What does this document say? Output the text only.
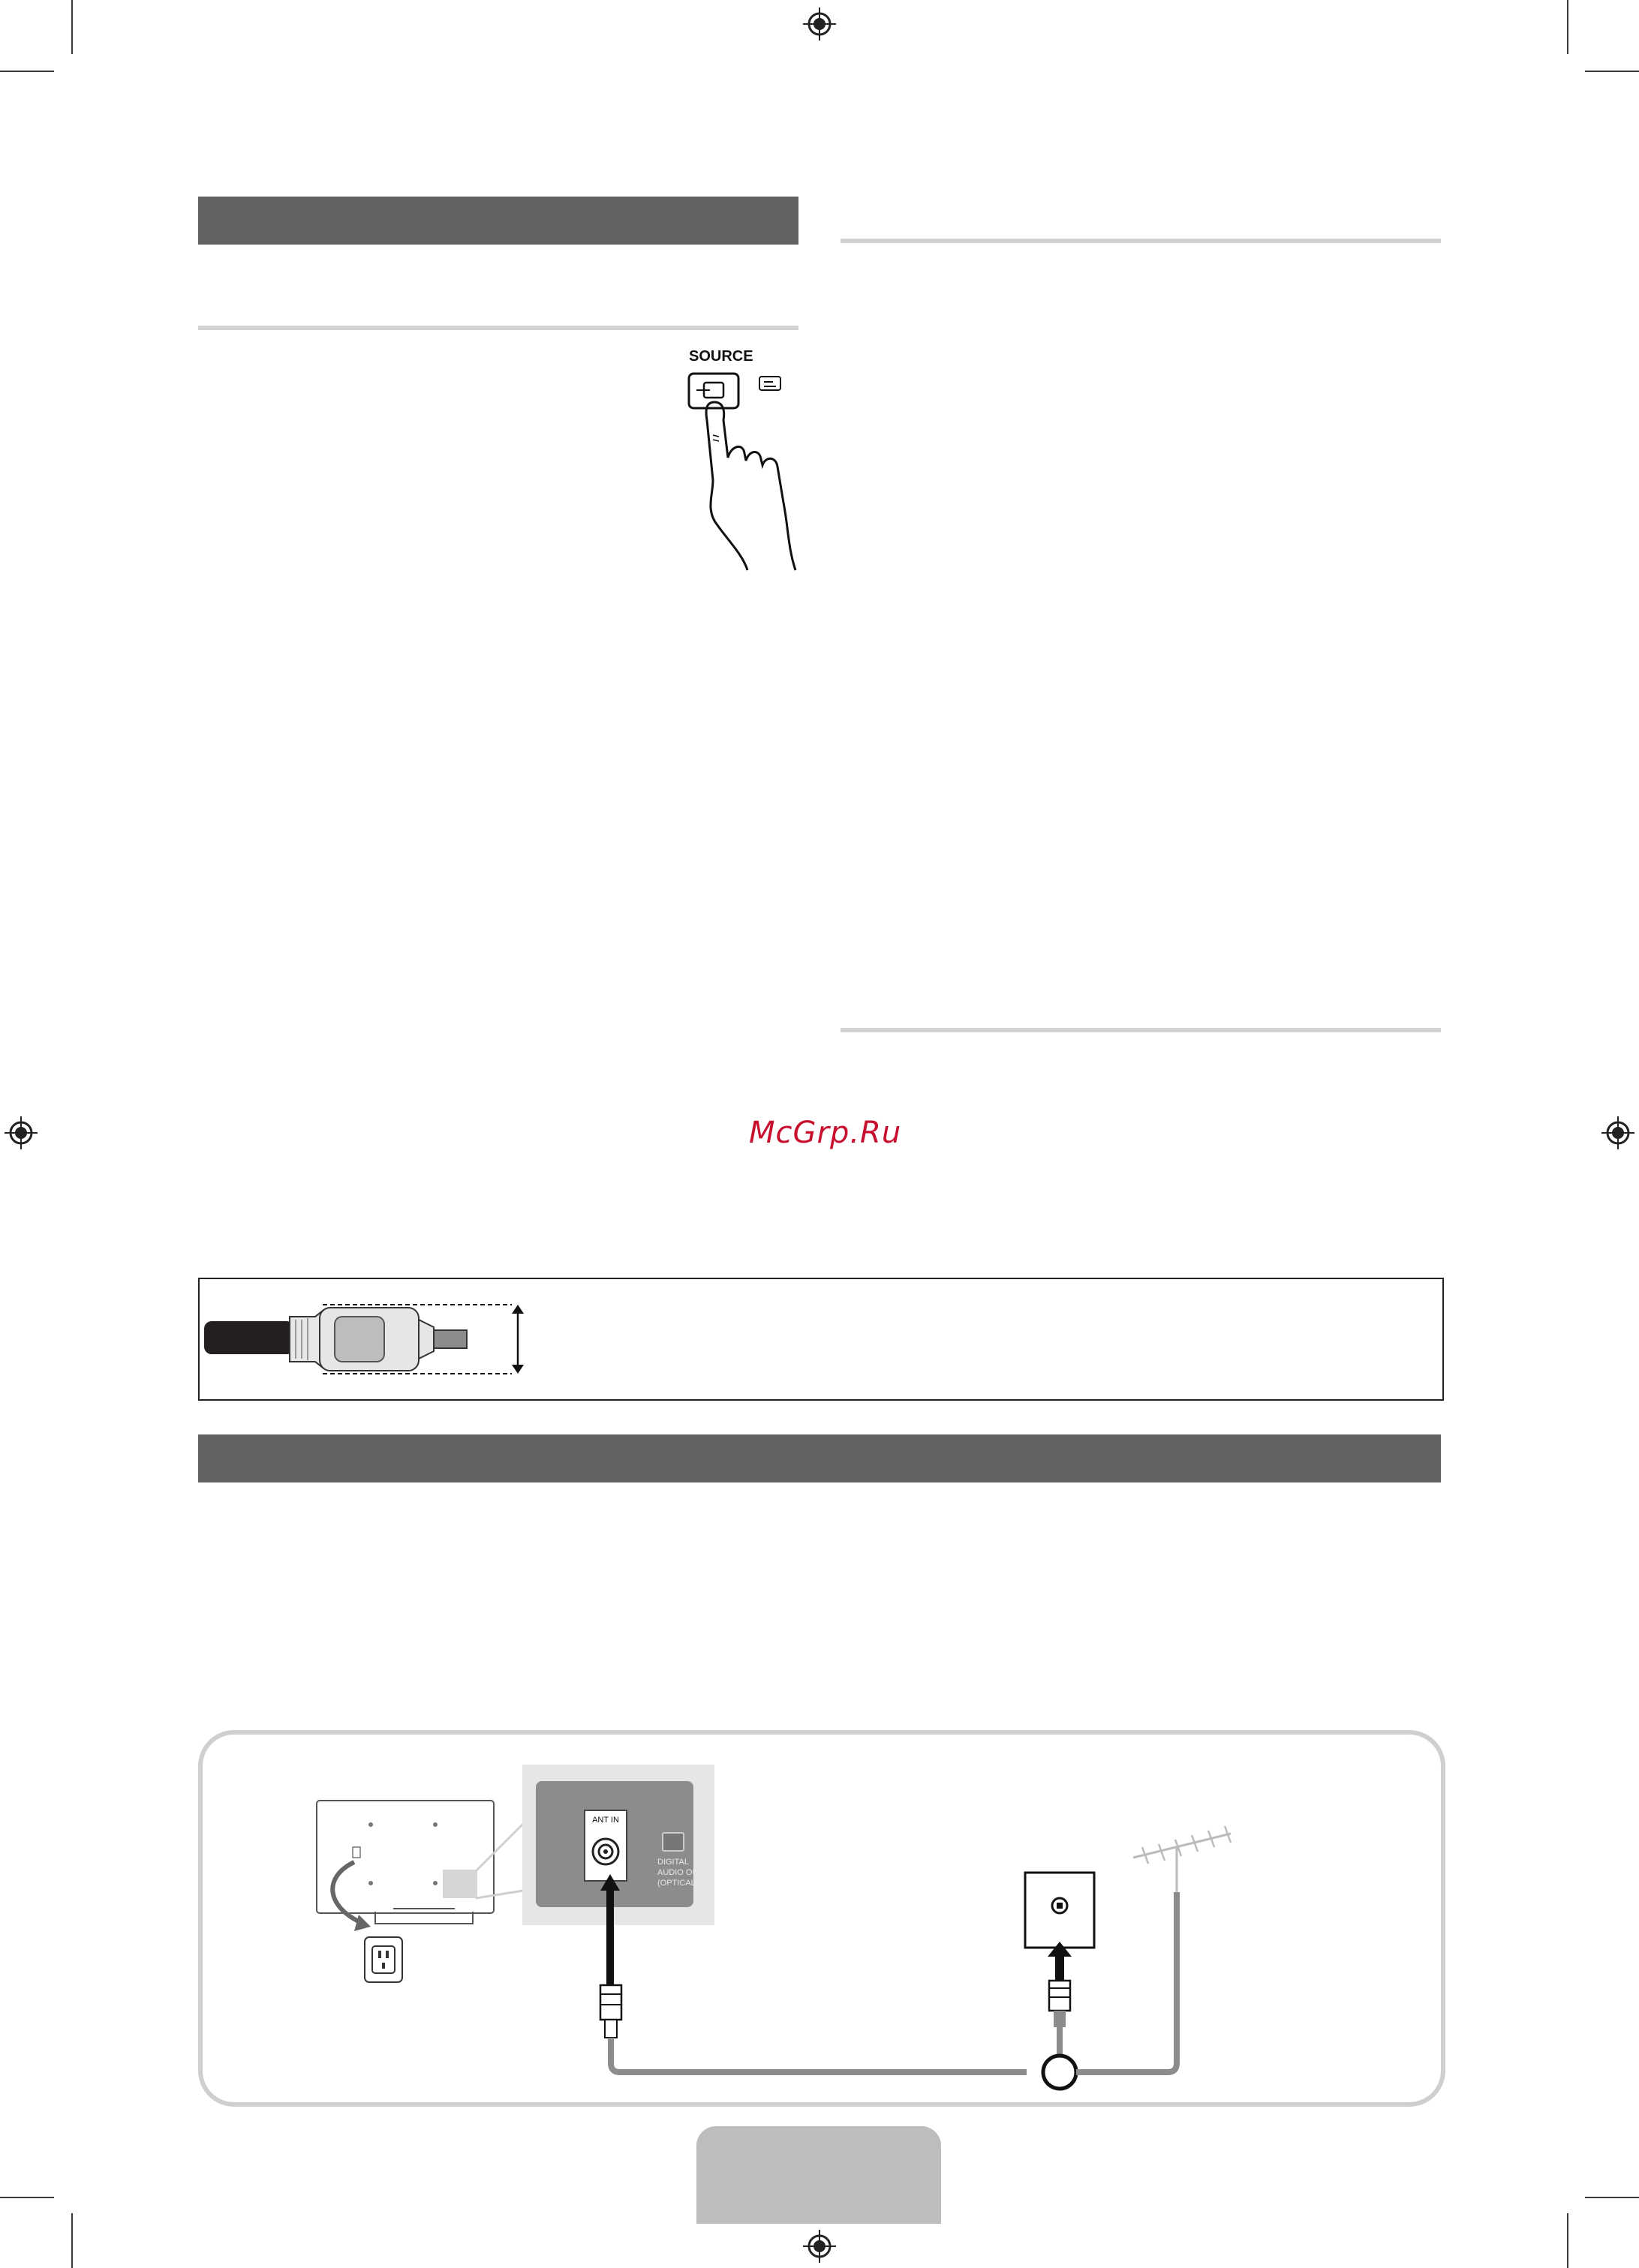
SOURCE
McGrp.Ru
ANT IN
DIGITAL
AUDIO OUT
(OPTICAL)
